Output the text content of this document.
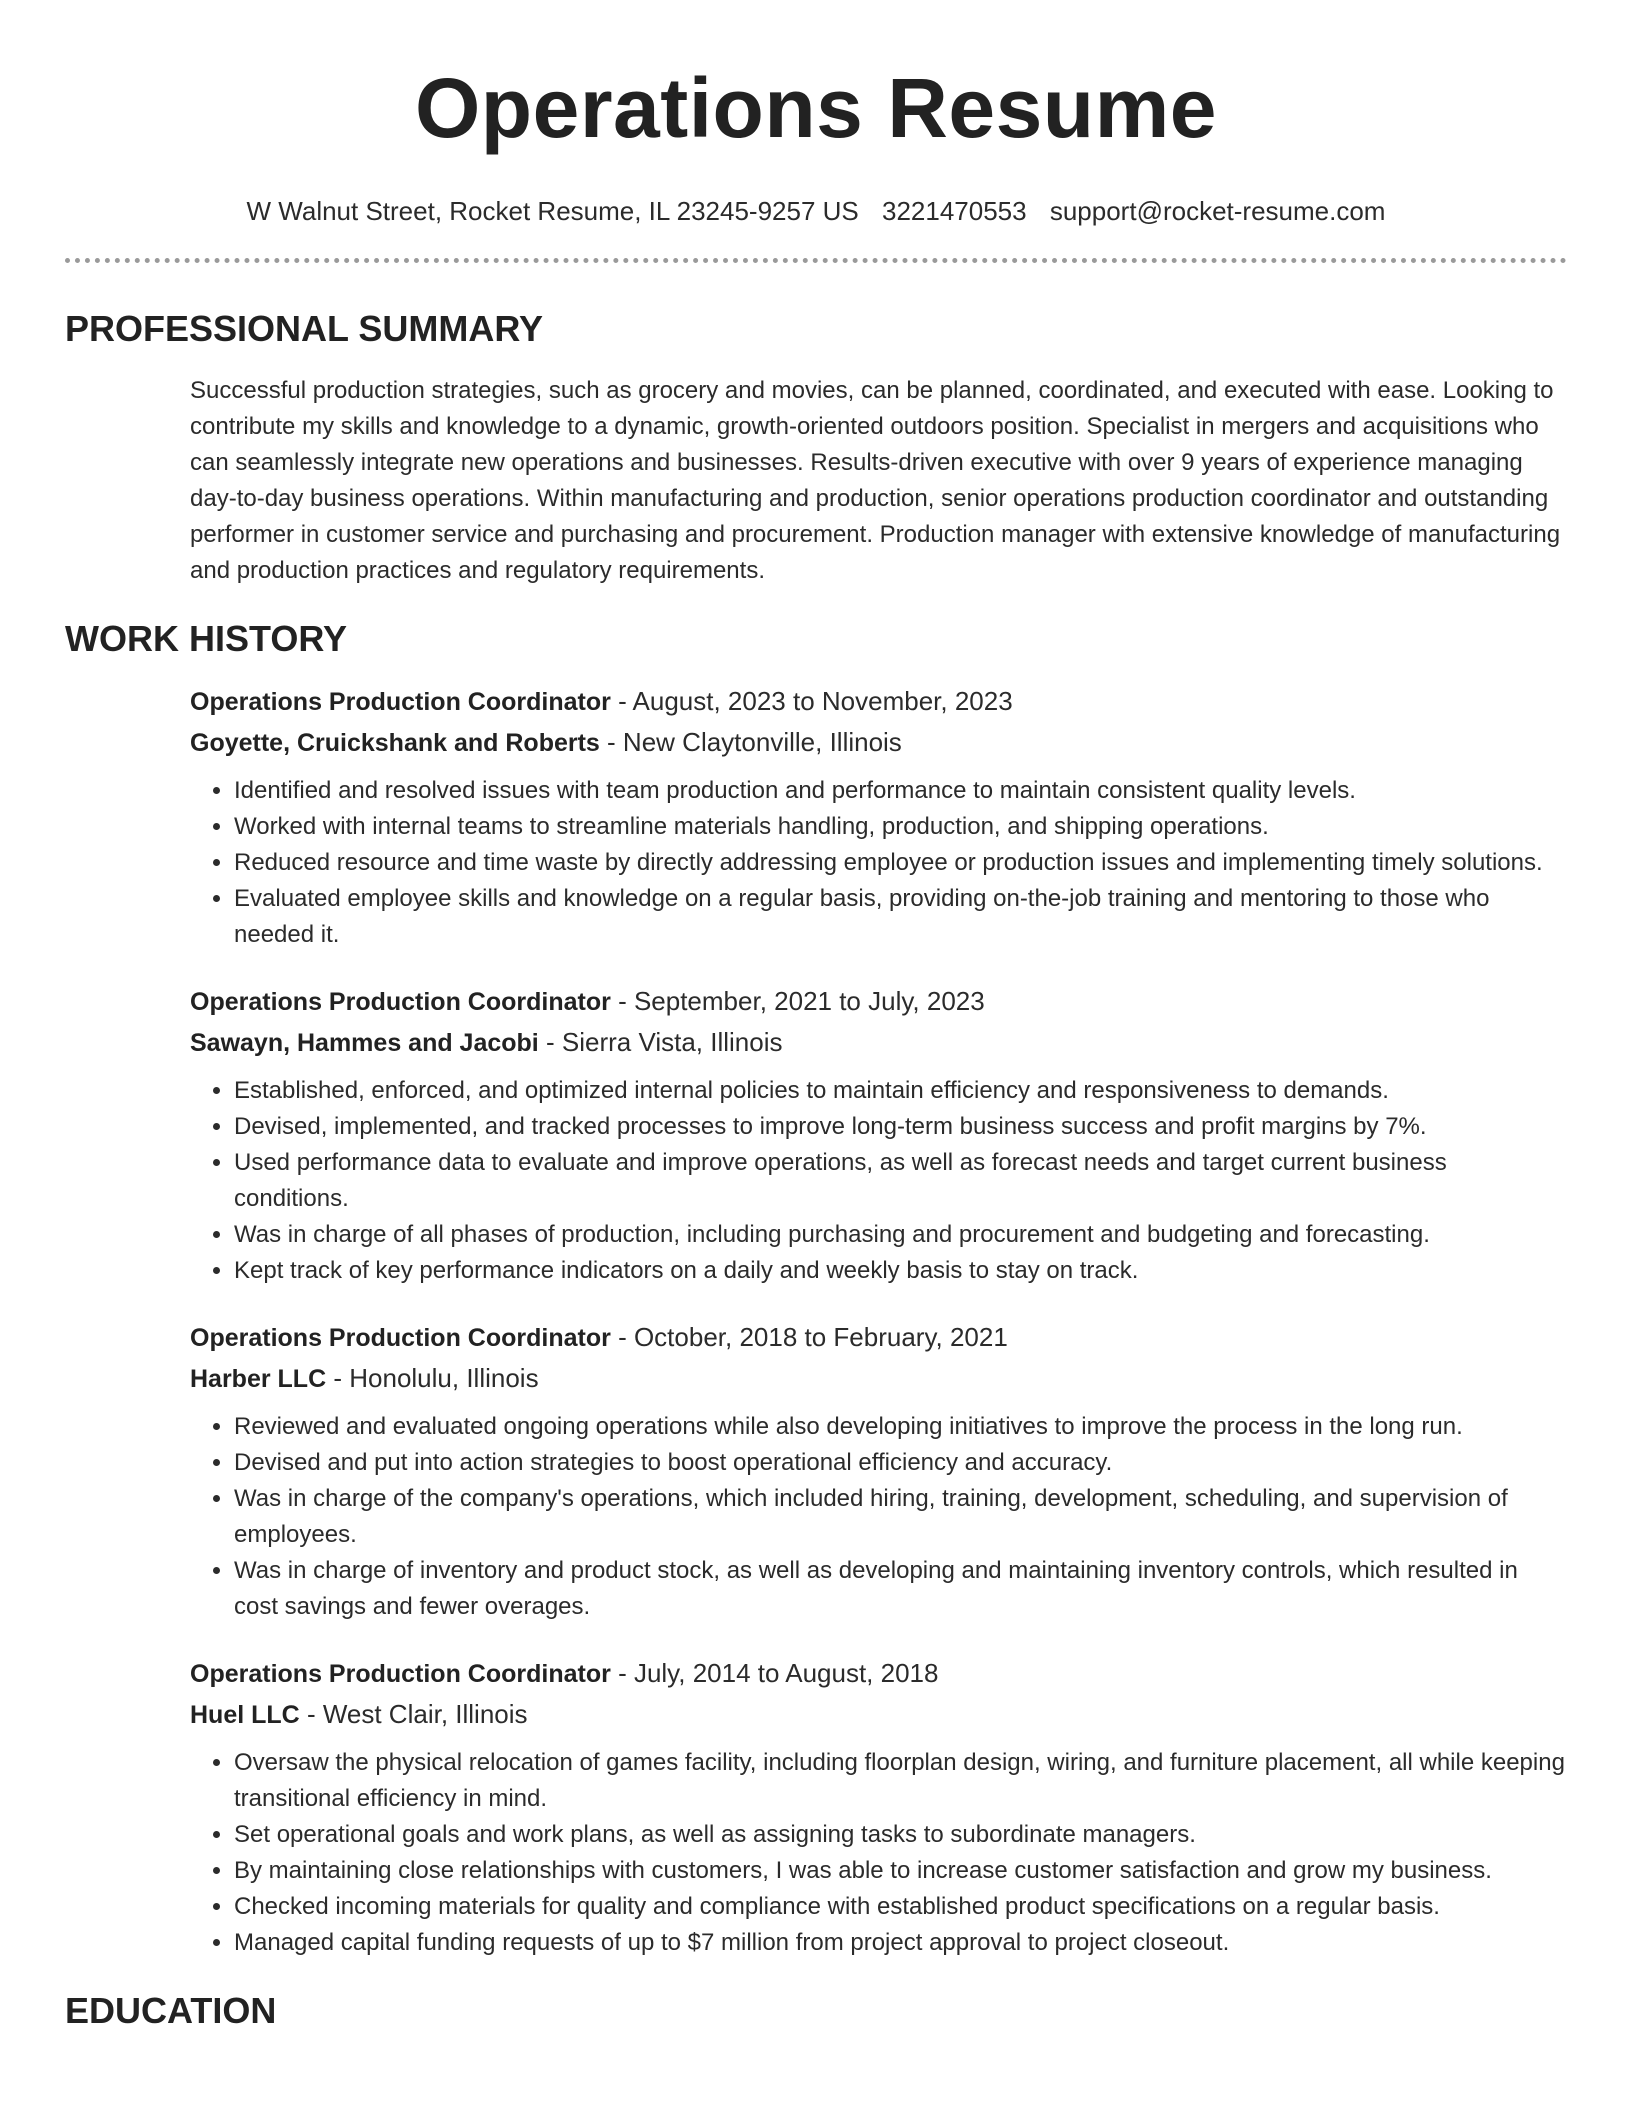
Operations Resume
W Walnut Street, Rocket Resume, IL 23245-9257 US 3221470553 support@rocket-resume.com
PROFESSIONAL SUMMARY
Successful production strategies, such as grocery and movies, can be planned, coordinated, and executed with ease. Looking to contribute my skills and knowledge to a dynamic, growth-oriented outdoors position. Specialist in mergers and acquisitions who can seamlessly integrate new operations and businesses. Results-driven executive with over 9 years of experience managing day-to-day business operations. Within manufacturing and production, senior operations production coordinator and outstanding performer in customer service and purchasing and procurement. Production manager with extensive knowledge of manufacturing and production practices and regulatory requirements.
WORK HISTORY
Operations Production Coordinator - August, 2023 to November, 2023
Goyette, Cruickshank and Roberts - New Claytonville, Illinois
• Identified and resolved issues with team production and performance to maintain consistent quality levels.
• Worked with internal teams to streamline materials handling, production, and shipping operations.
• Reduced resource and time waste by directly addressing employee or production issues and implementing timely solutions.
• Evaluated employee skills and knowledge on a regular basis, providing on-the-job training and mentoring to those who needed it.
Operations Production Coordinator - September, 2021 to July, 2023
Sawayn, Hammes and Jacobi - Sierra Vista, Illinois
• Established, enforced, and optimized internal policies to maintain efficiency and responsiveness to demands.
• Devised, implemented, and tracked processes to improve long-term business success and profit margins by 7%.
• Used performance data to evaluate and improve operations, as well as forecast needs and target current business conditions.
• Was in charge of all phases of production, including purchasing and procurement and budgeting and forecasting.
• Kept track of key performance indicators on a daily and weekly basis to stay on track.
Operations Production Coordinator - October, 2018 to February, 2021
Harber LLC - Honolulu, Illinois
• Reviewed and evaluated ongoing operations while also developing initiatives to improve the process in the long run.
• Devised and put into action strategies to boost operational efficiency and accuracy.
• Was in charge of the company's operations, which included hiring, training, development, scheduling, and supervision of employees.
• Was in charge of inventory and product stock, as well as developing and maintaining inventory controls, which resulted in cost savings and fewer overages.
Operations Production Coordinator - July, 2014 to August, 2018
Huel LLC - West Clair, Illinois
• Oversaw the physical relocation of games facility, including floorplan design, wiring, and furniture placement, all while keeping transitional efficiency in mind.
• Set operational goals and work plans, as well as assigning tasks to subordinate managers.
• By maintaining close relationships with customers, I was able to increase customer satisfaction and grow my business.
• Checked incoming materials for quality and compliance with established product specifications on a regular basis.
• Managed capital funding requests of up to $7 million from project approval to project closeout.
EDUCATION
